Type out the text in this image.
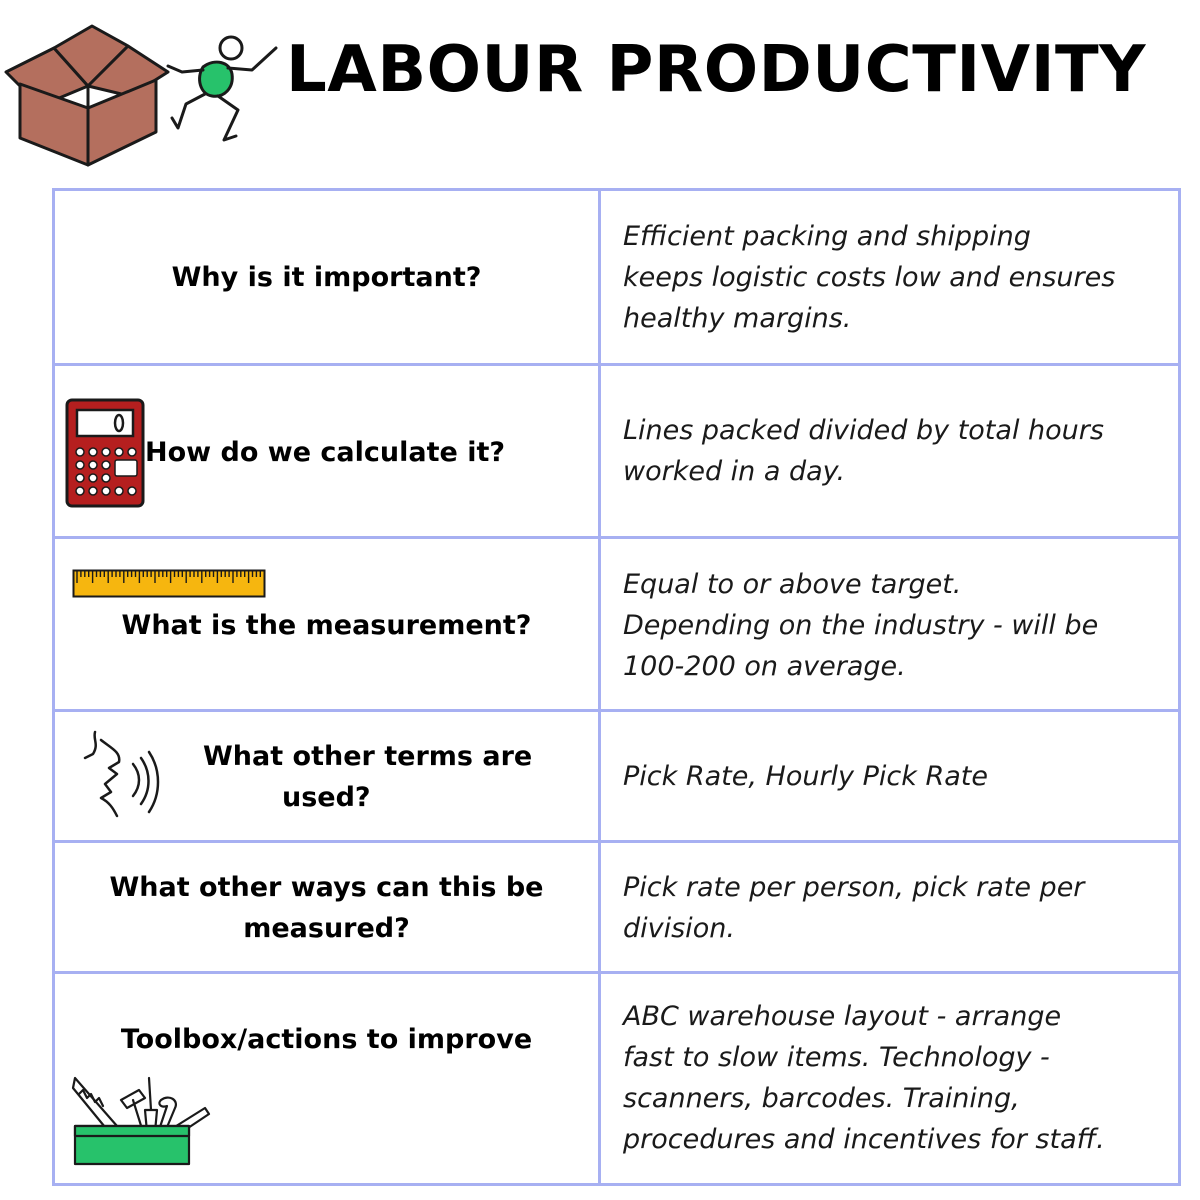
LABOUR PRODUCTIVITY
Why is it important?
Efficient packing and shipping
keeps logistic costs low and ensures
healthy margins.
How do we calculate it?
Lines packed divided by total hours
worked in a day.
What is the measurement?
Equal to or above target.
Depending on the industry - will be
100-200 on average.
What other terms are
used?
Pick Rate, Hourly Pick Rate
What other ways can this be
measured?
Pick rate per person, pick rate per
division.
Toolbox/actions to improve
ABC warehouse layout - arrange
fast to slow items. Technology -
scanners, barcodes. Training,
procedures and incentives for staff.
